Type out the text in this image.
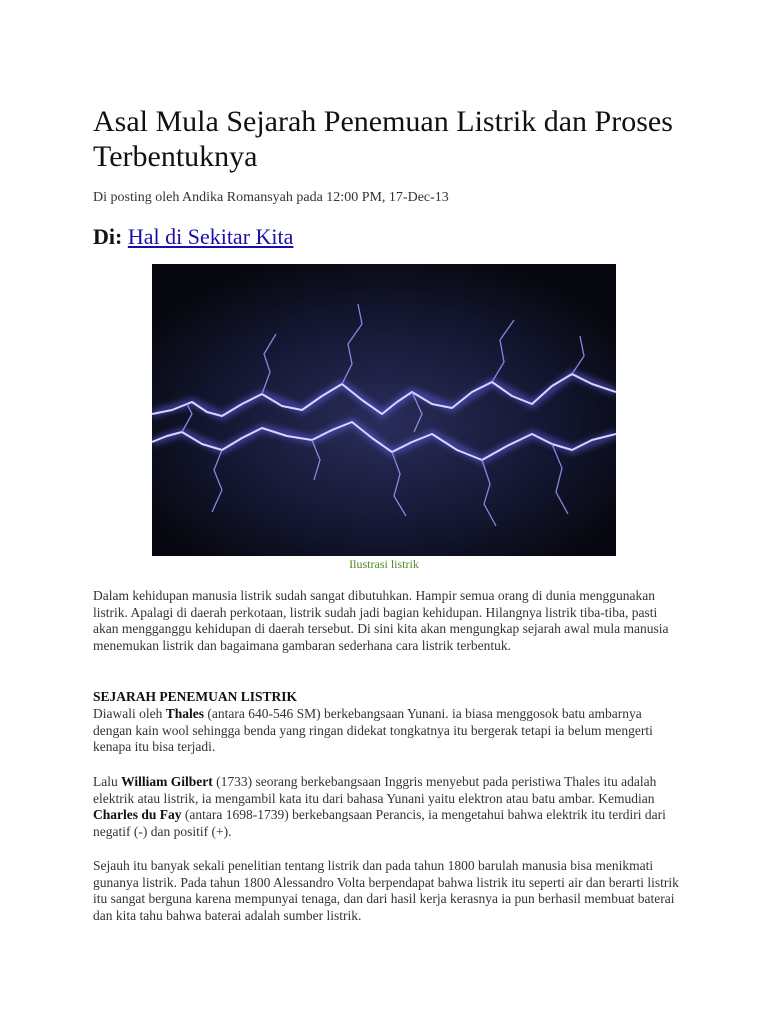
Asal Mula Sejarah Penemuan Listrik dan Proses Terbentuknya

Di posting oleh Andika Romansyah pada 12:00 PM, 17-Dec-13

Di: Hal di Sekitar Kita

Ilustrasi listrik

Dalam kehidupan manusia listrik sudah sangat dibutuhkan. Hampir semua orang di dunia menggunakan listrik. Apalagi di daerah perkotaan, listrik sudah jadi bagian kehidupan. Hilangnya listrik tiba-tiba, pasti akan mengganggu kehidupan di daerah tersebut. Di sini kita akan mengungkap sejarah awal mula manusia menemukan listrik dan bagaimana gambaran sederhana cara listrik terbentuk.

SEJARAH PENEMUAN LISTRIK

Diawali oleh Thales (antara 640-546 SM) berkebangsaan Yunani. ia biasa menggosok batu ambarnya dengan kain wool sehingga benda yang ringan didekat tongkatnya itu bergerak tetapi ia belum mengerti kenapa itu bisa terjadi.

Lalu William Gilbert (1733) seorang berkebangsaan Inggris menyebut pada peristiwa Thales itu adalah elektrik atau listrik, ia mengambil kata itu dari bahasa Yunani yaitu elektron atau batu ambar. Kemudian Charles du Fay (antara 1698-1739) berkebangsaan Perancis, ia mengetahui bahwa elektrik itu terdiri dari negatif (-) dan positif (+).

Sejauh itu banyak sekali penelitian tentang listrik dan pada tahun 1800 barulah manusia bisa menikmati gunanya listrik. Pada tahun 1800 Alessandro Volta berpendapat bahwa listrik itu seperti air dan berarti listrik itu sangat berguna karena mempunyai tenaga, dan dari hasil kerja kerasnya ia pun berhasil membuat baterai dan kita tahu bahwa baterai adalah sumber listrik.
